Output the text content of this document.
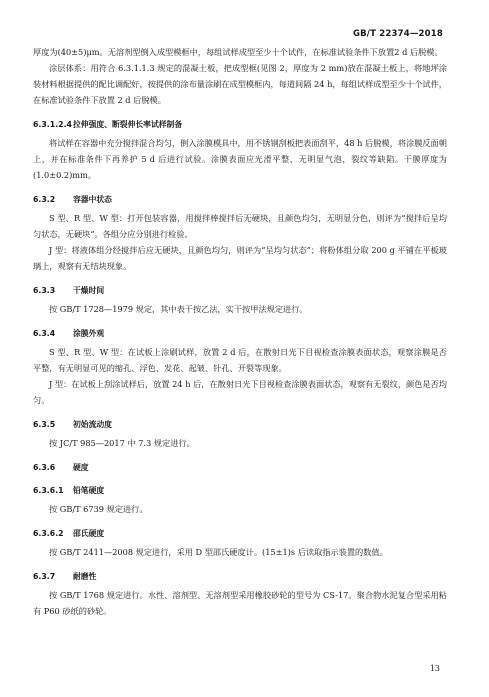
GB/T 22374—2018

厚度为(40±5)μm。无溶剂型倒入成型模框中，每组试样成型至少十个试件，在标准试验条件下放置2 d 后脱模。

涂层体系：用符合 6.3.1.1.3 规定的混凝土板，把成型框(见图 2，厚度为 2 mm)放在混凝土板上，将地坪涂装材料根据提供的配比调配好，按提供的涂布量涂刷在成型模框内，每道间隔 24 h，每组试样成型至少十个试件，在标准试验条件下放置 2 d 后脱模。

6.3.1.2.4拉伸强度、断裂伸长率试样制备

将试样在容器中充分搅拌混合均匀，倒入涂膜模具中，用不锈钢刮板把表面刮平，48 h 后脱模，将涂膜反面朝上，并在标准条件下再养护 5 d 后进行试验。涂膜表面应光滑平整、无明显气泡，裂纹等缺陷。干膜厚度为(1.0±0.2)mm。

6.3.2 容器中状态

S 型、R 型、W 型：打开包装容器，用搅拌棒搅拌后无硬块，且颜色均匀，无明显分色，则评为“搅拌后呈均匀状态，无硬块”。各组分应分别进行检验。

J 型：将液体组分经搅拌后应无硬块，且颜色均匀，则评为“呈均匀状态”；将粉体组分取 200 g 平铺在平板玻璃上，观察有无结块现象。

6.3.3 干燥时间

按 GB/T 1728—1979 规定，其中表干按乙法，实干按甲法规定进行。

6.3.4 涂膜外观

S 型、R 型、W 型：在试板上涂刷试样，放置 2 d 后，在散射日光下目视检查涂膜表面状态，观察涂膜是否平整，有无明显可见的缩孔、浮色、发花、起皱、针孔、开裂等现象。

J 型：在试板上刮涂试样后，放置 24 h 后，在散射日光下目视检查涂膜表面状态，观察有无裂纹，颜色是否均匀。

6.3.5 初始流动度

按 JC/T 985—2017 中 7.3 规定进行。

6.3.6 硬度
6.3.6.1 铅笔硬度

按 GB/T 6739 规定进行。

6.3.6.2 邵氏硬度

按 GB/T 2411—2008 规定进行，采用 D 型邵氏硬度计。(15±1)s 后读取指示装置的数值。

6.3.7 耐磨性

按 GB/T 1768 规定进行。水性、溶剂型、无溶剂型采用橡胶砂轮的型号为 CS-17。聚合物水泥复合型采用粘有 P60 砂纸的砂轮。

13
